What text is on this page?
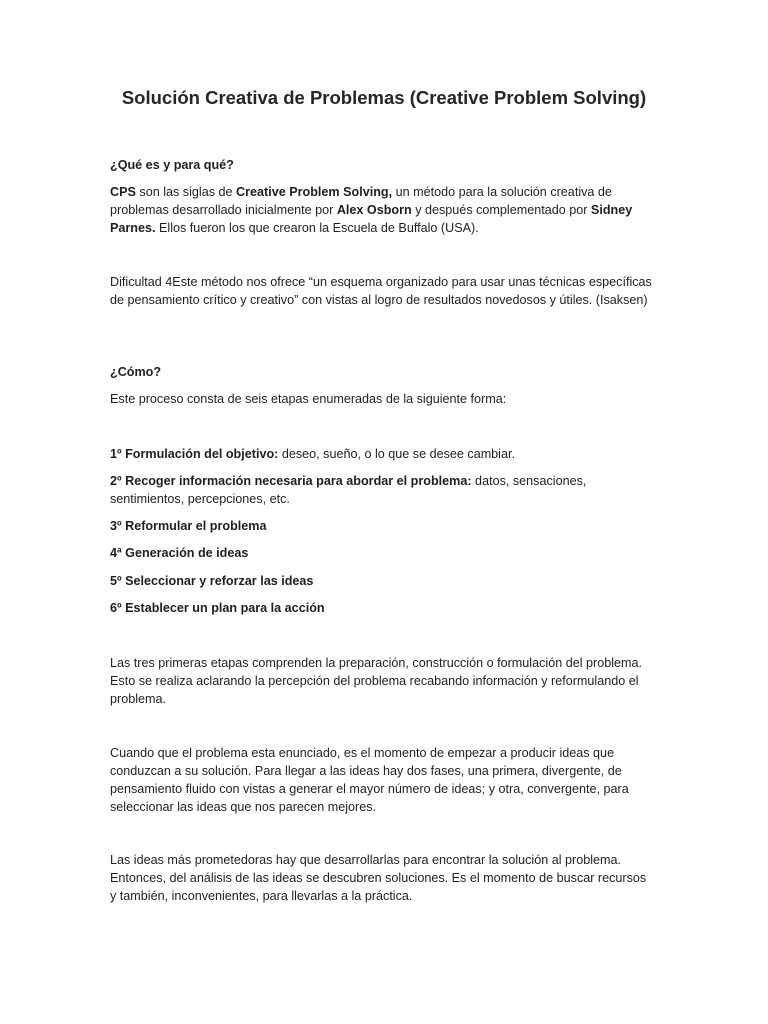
Solución Creativa de Problemas (Creative Problem Solving)

¿Qué es y para qué?

CPS son las siglas de Creative Problem Solving, un método para la solución creativa de problemas desarrollado inicialmente por Alex Osborn y después complementado por Sidney Parnes. Ellos fueron los que crearon la Escuela de Buffalo (USA).

Dificultad 4Este método nos ofrece “un esquema organizado para usar unas técnicas específicas de pensamiento crítico y creativo” con vistas al logro de resultados novedosos y útiles. (Isaksen)

¿Cómo?

Este proceso consta de seis etapas enumeradas de la siguiente forma:

1º Formulación del objetivo: deseo, sueño, o lo que se desee cambiar.

2º Recoger información necesaria para abordar el problema: datos, sensaciones, sentimientos, percepciones, etc.

3º Reformular el problema

4ª Generación de ideas

5º Seleccionar y reforzar las ideas

6º Establecer un plan para la acción

Las tres primeras etapas comprenden la preparación, construcción o formulación del problema. Esto se realiza aclarando la percepción del problema recabando información y reformulando el problema.

Cuando que el problema esta enunciado, es el momento de empezar a producir ideas que conduzcan a su solución. Para llegar a las ideas hay dos fases, una primera, divergente, de pensamiento fluido con vistas a generar el mayor número de ideas; y otra, convergente, para seleccionar las ideas que nos parecen mejores.

Las ideas más prometedoras hay que desarrollarlas para encontrar la solución al problema. Entonces, del análisis de las ideas se descubren soluciones. Es el momento de buscar recursos y también, inconvenientes, para llevarlas a la práctica.
